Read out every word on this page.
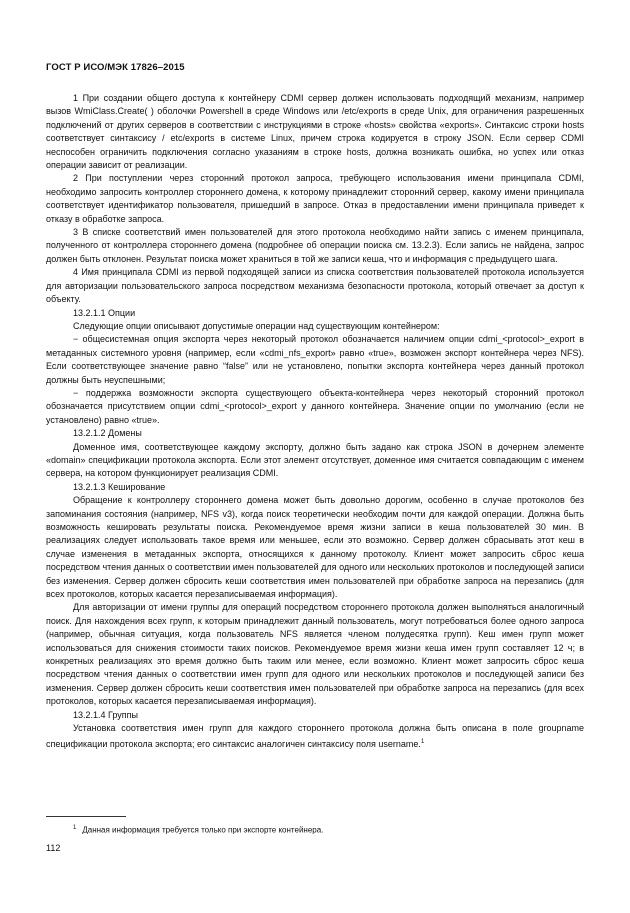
ГОСТ Р ИСО/МЭК 17826–2015

1 При создании общего доступа к контейнеру CDMI сервер должен использовать подходящий механизм, например вызов WmiClass.Create( ) оболочки Powershell в среде Windows или /etc/exports в среде Unix, для ограничения разрешенных подключений от других серверов в соответствии с инструкциями в строке «hosts» свойства «exports». Синтаксис строки hosts соответствует синтаксису / etc/exports в системе Linux, причем строка кодируется в строку JSON. Если сервер CDMI неспособен ограничить подключения согласно указаниям в строке hosts, должна возникать ошибка, но успех или отказ операции зависит от реализации.

2 При поступлении через сторонний протокол запроса, требующего использования имени принципала CDMI, необходимо запросить контроллер стороннего домена, к которому принадлежит сторонний сервер, какому имени принципала соответствует идентификатор пользователя, пришедший в запросе. Отказ в предоставлении имени принципала приведет к отказу в обработке запроса.

3 В списке соответствий имен пользователей для этого протокола необходимо найти запись с именем принципала, полученного от контроллера стороннего домена (подробнее об операции поиска см. 13.2.3). Если запись не найдена, запрос должен быть отклонен. Результат поиска может храниться в той же записи кеша, что и информация с предыдущего шага.

4 Имя принципала CDMI из первой подходящей записи из списка соответствия пользователей протокола используется для авторизации пользовательского запроса посредством механизма безопасности протокола, который отвечает за доступ к объекту.

13.2.1.1 Опции

Следующие опции описывают допустимые операции над существующим контейнером:

− общесистемная опция экспорта через некоторый протокол обозначается наличием опции cdmi_<protocol>_export в метаданных системного уровня (например, если «cdmi_nfs_export» равно «true», возможен экспорт контейнера через NFS). Если соответствующее значение равно “false” или не установлено, попытки экспорта контейнера через данный протокол должны быть неуспешными;

− поддержка возможности экспорта существующего объекта-контейнера через некоторый сторонний протокол обозначается присутствием опции cdmi_<protocol>_export у данного контейнера. Значение опции по умолчанию (если не установлено) равно «true».

13.2.1.2 Домены

Доменное имя, соответствующее каждому экспорту, должно быть задано как строка JSON в дочернем элементе «domain» спецификации протокола экспорта. Если этот элемент отсутствует, доменное имя считается совпадающим с именем сервера, на котором функционирует реализация CDMI.

13.2.1.3 Кеширование

Обращение к контроллеру стороннего домена может быть довольно дорогим, особенно в случае протоколов без запоминания состояния (например, NFS v3), когда поиск теоретически необходим почти для каждой операции. Должна быть возможность кешировать результаты поиска. Рекомендуемое время жизни записи в кеша пользователей 30 мин. В реализациях следует использовать такое время или меньшее, если это возможно. Сервер должен сбрасывать этот кеш в случае изменения в метаданных экспорта, относящихся к данному протоколу. Клиент может запросить сброс кеша посредством чтения данных о соответствии имен пользователей для одного или нескольких протоколов и последующей записи без изменения. Сервер должен сбросить кеши соответствия имен пользователей при обработке запроса на перезапись (для всех протоколов, которых касается перезаписываемая информация).

Для авторизации от имени группы для операций посредством стороннего протокола должен выполняться аналогичный поиск. Для нахождения всех групп, к которым принадлежит данный пользователь, могут потребоваться более одного запроса (например, обычная ситуация, когда пользователь NFS является членом полудесятка групп). Кеш имен групп может использоваться для снижения стоимости таких поисков. Рекомендуемое время жизни кеша имен групп составляет 12 ч; в конкретных реализациях это время должно быть таким или менее, если возможно. Клиент может запросить сброс кеша посредством чтения данных о соответствии имен групп для одного или нескольких протоколов и последующей записи без изменения. Сервер должен сбросить кеши соответствия имен пользователей при обработке запроса на перезапись (для всех протоколов, которых касается перезаписываемая информация).

13.2.1.4 Группы

Установка соответствия имен групп для каждого стороннего протокола должна быть описана в поле groupname спецификации протокола экспорта; его синтаксис аналогичен синтаксису поля username.$^1$

$^1$ Данная информация требуется только при экспорте контейнера.
112
